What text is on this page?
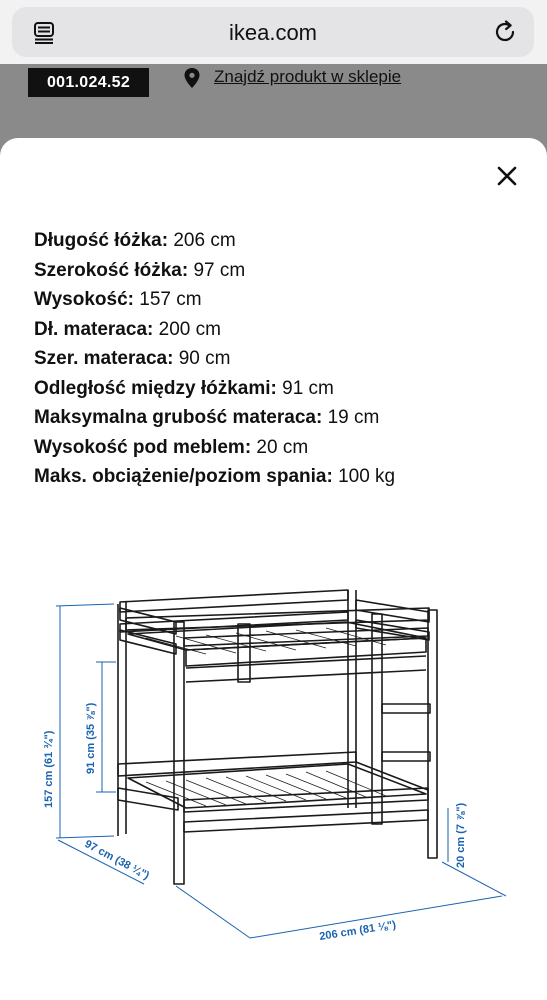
ikea.com
001.024.52	Znajdź produkt w sklepie
Długość łóżka: 206 cm
Szerokość łóżka: 97 cm
Wysokość: 157 cm
Dł. materaca: 200 cm
Szer. materaca: 90 cm
Odległość między łóżkami: 91 cm
Maksymalna grubość materaca: 19 cm
Wysokość pod meblem: 20 cm
Maks. obciążenie/poziom spania: 100 kg
157 cm (61 ¾")	91 cm (35 ⅞")
97 cm (38 ¼")
206 cm (81 ⅛")
20 cm (7 ⅞")
